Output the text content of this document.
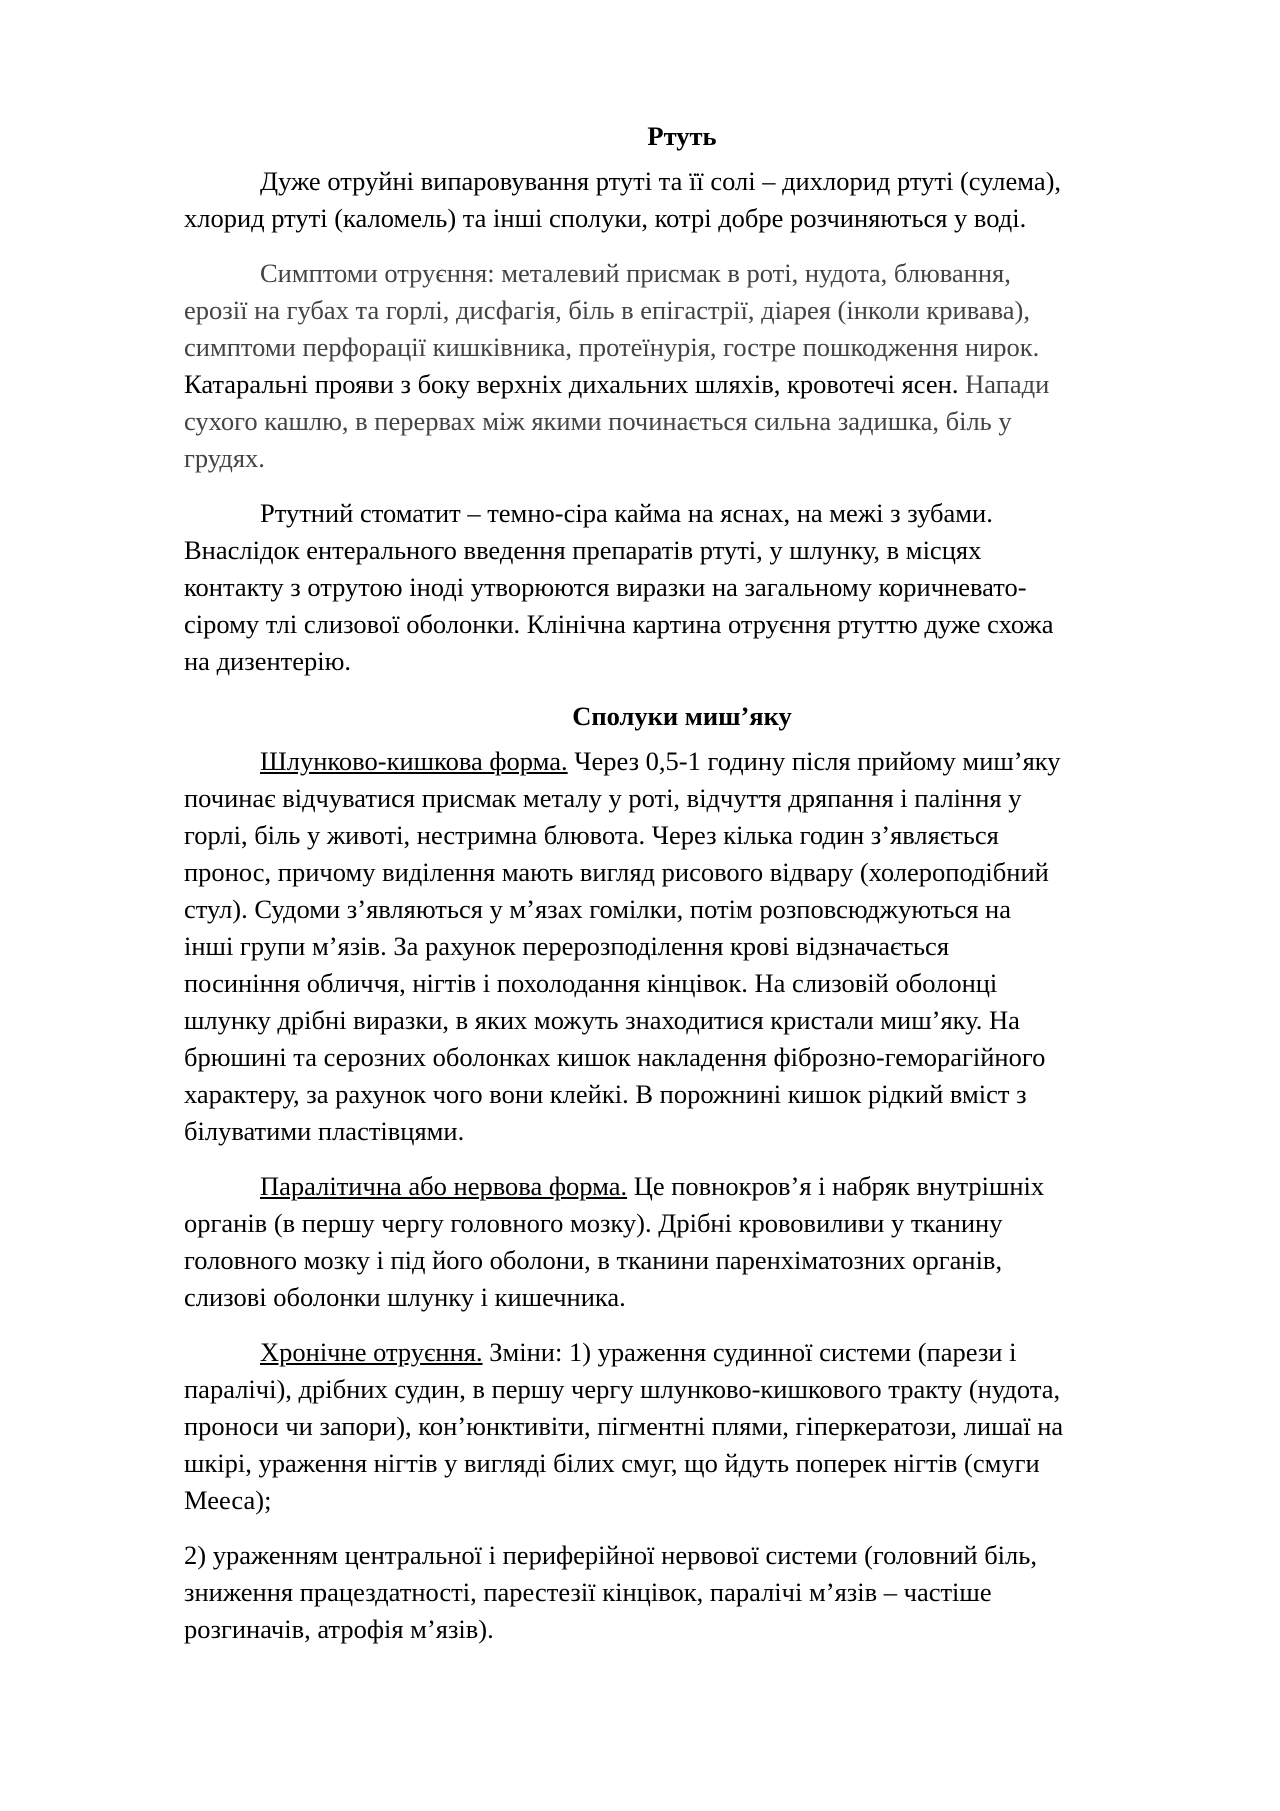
Ртуть

Дуже отруйні випаровування ртуті та її солі – дихлорид ртуті (сулема),
хлорид ртуті (каломель) та інші сполуки, котрі добре розчиняються у воді.

Симптоми отруєння: металевий присмак в роті, нудота, блювання,
ерозії на губах та горлі, дисфагія, біль в епігастрії, діарея (інколи кривава),
симптоми перфорації кишківника, протеїнурія, гостре пошкодження нирок.
Катаральні прояви з боку верхніх дихальних шляхів, кровотечі ясен. Напади
сухого кашлю, в перервах між якими починається сильна задишка, біль у
грудях.

Ртутний стоматит – темно-сіра кайма на яснах, на межі з зубами.
Внаслідок ентерального введення препаратів ртуті, у шлунку, в місцях
контакту з отрутою іноді утворюются виразки на загальному коричневато-
сірому тлі слизової оболонки. Клінічна картина отруєння ртуттю дуже схожа
на дизентерію.

Сполуки миш’яку

Шлунково-кишкова форма. Через 0,5-1 годину після прийому миш’яку
починає відчуватися присмак металу у роті, відчуття дряпання і паління у
горлі, біль у животі, нестримна блювота. Через кілька годин з’являється
пронос, причому виділення мають вигляд рисового відвару (холероподібний
стул). Судоми з’являються у м’язах гомілки, потім розповсюджуються на
інші групи м’язів. За рахунок перерозподілення крові відзначається
посиніння обличчя, нігтів і похолодання кінцівок. На слизовій оболонці
шлунку дрібні виразки, в яких можуть знаходитися кристали миш’яку. На
брюшині та серозних оболонках кишок накладення фіброзно-геморагійного
характеру, за рахунок чого вони клейкі. В порожнині кишок рідкий вміст з
білуватими пластівцями.

Паралітична або нервова форма. Це повнокров’я і набряк внутрішніх
органів (в першу чергу головного мозку). Дрібні крововиливи у тканину
головного мозку і під його оболони, в тканини паренхіматозних органів,
слизові оболонки шлунку і кишечника.

Хронічне отруєння. Зміни: 1) ураження судинної системи (парези і
паралічі), дрібних судин, в першу чергу шлунково-кишкового тракту (нудота,
проноси чи запори), кон’юнктивіти, пігментні плями, гіперкератози, лишаї на
шкірі, ураження нігтів у вигляді білих смуг, що йдуть поперек нігтів (смуги
Мееса);

2) ураженням центральної і периферійної нервової системи (головний біль,
зниження працездатності, парестезії кінцівок, паралічі м’язів – частіше
розгиначів, атрофія м’язів).
